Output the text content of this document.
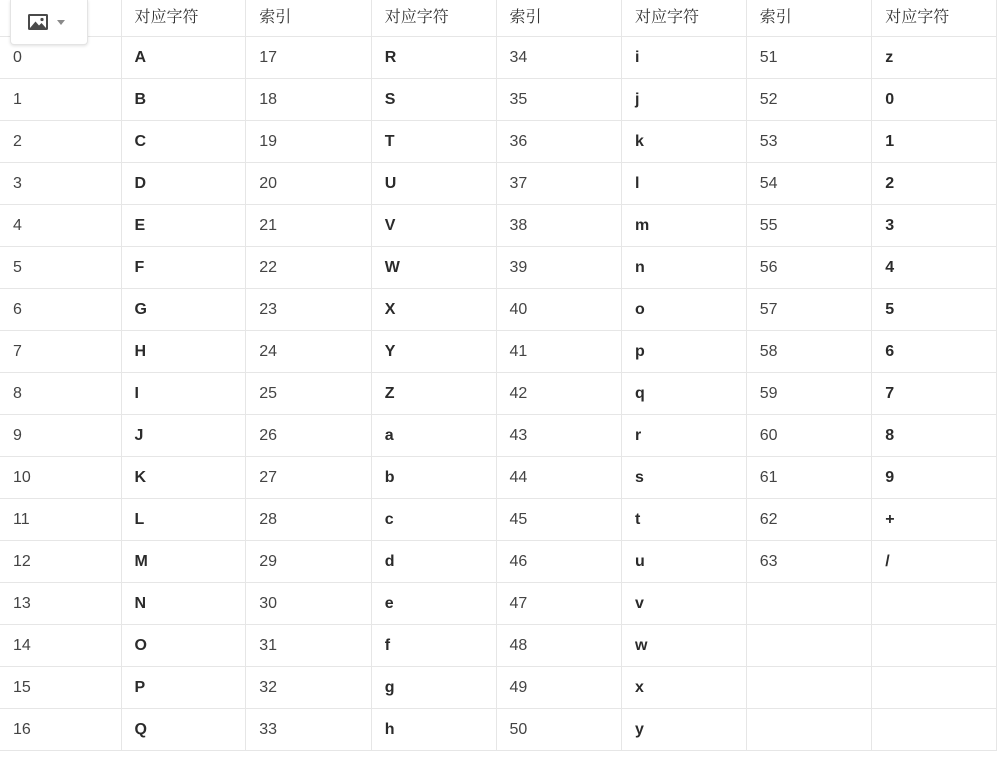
	对应字符	索引	对应字符	索引	对应字符	索引	对应字符
0	A	17	R	34	i	51	z
1	B	18	S	35	j	52	0
2	C	19	T	36	k	53	1
3	D	20	U	37	l	54	2
4	E	21	V	38	m	55	3
5	F	22	W	39	n	56	4
6	G	23	X	40	o	57	5
7	H	24	Y	41	p	58	6
8	I	25	Z	42	q	59	7
9	J	26	a	43	r	60	8
10	K	27	b	44	s	61	9
11	L	28	c	45	t	62	+
12	M	29	d	46	u	63	/
13	N	30	e	47	v		
14	O	31	f	48	w		
15	P	32	g	49	x		
16	Q	33	h	50	y		
